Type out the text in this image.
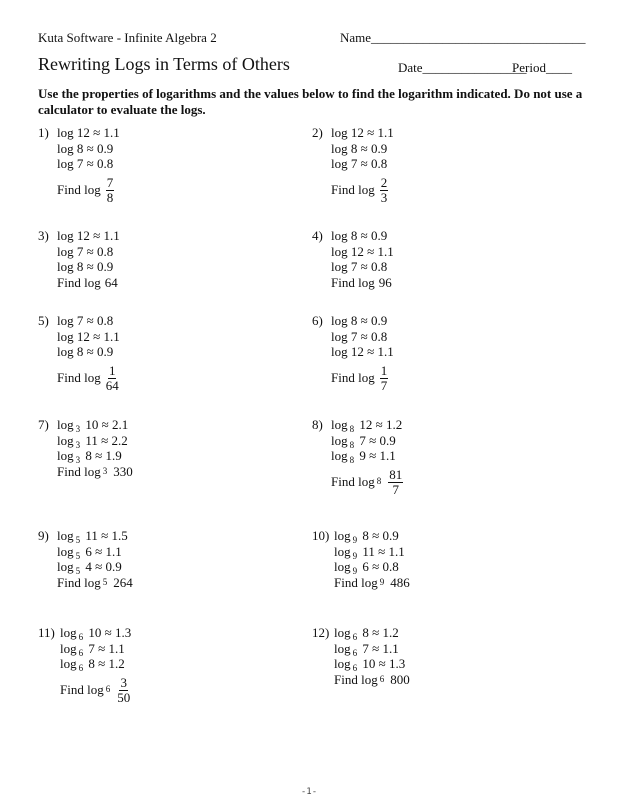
Kuta Software - Infinite Algebra 2	Name_________________________________
Rewriting Logs in Terms of Others	Date________________
Period____
Use the properties of logarithms and the values below to find the logarithm indicated. Do not use a calculator to evaluate the logs.
1) log 12 ≈ 1.1
log 8 ≈ 0.9
log 7 ≈ 0.8
Find $\log \frac{7}{8}$
2) log 12 ≈ 1.1
log 8 ≈ 0.9
log 7 ≈ 0.8
Find $\log \frac{2}{3}$
3) log 12 ≈ 1.1
log 7 ≈ 0.8
log 8 ≈ 0.9
Find log 64
4) log 8 ≈ 0.9
log 12 ≈ 1.1
log 7 ≈ 0.8
Find log 96
5) log 7 ≈ 0.8
log 12 ≈ 1.1
log 8 ≈ 0.9
Find $\log \frac{1}{64}$
6) log 8 ≈ 0.9
log 7 ≈ 0.8
log 12 ≈ 1.1
Find $\log \frac{1}{7}$
7) log $_3$ 10 ≈ 2.1
log $_3$ 11 ≈ 2.2
log $_3$ 8 ≈ 1.9
Find log 3 330
8) log $_8$ 12 ≈ 1.2
log $_8$ 7 ≈ 0.9
log $_8$ 9 ≈ 1.1
Find $\log 8 \frac{81}{7}$
9) log $_5$ 11 ≈ 1.5
log $_5$ 6 ≈ 1.1
log $_5$ 4 ≈ 0.9
Find log 5 264
10) log $_9$ 8 ≈ 0.9
log $_9$ 11 ≈ 1.1
log $_9$ 6 ≈ 0.8
Find log 9 486
11) log $_6$ 10 ≈ 1.3
log $_6$ 7 ≈ 1.1
log $_6$ 8 ≈ 1.2
Find $\log 6 \frac{3}{50}$
12) log $_6$ 8 ≈ 1.2
log $_6$ 7 ≈ 1.1
log $_6$ 10 ≈ 1.3
Find log 6 800
-1-
